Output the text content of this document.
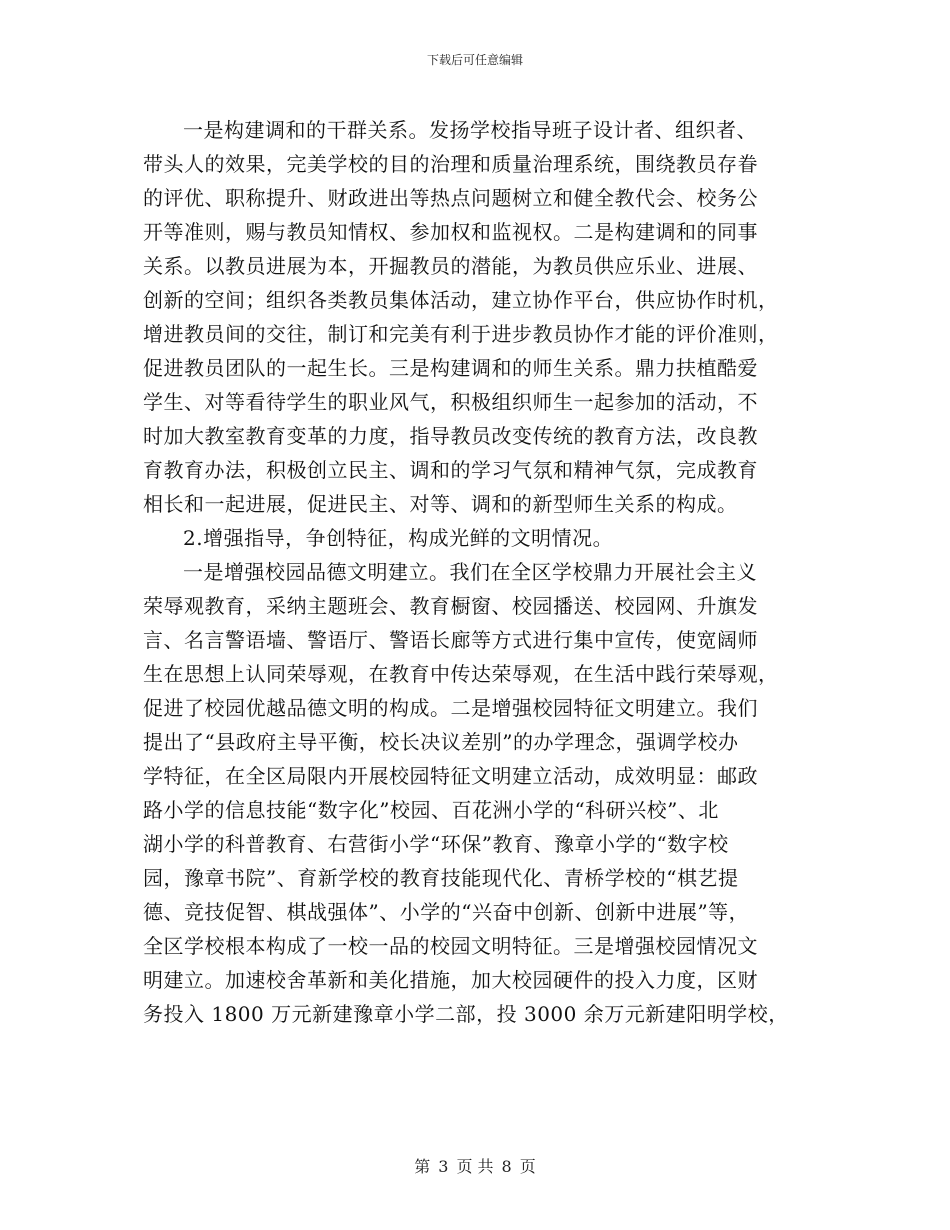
下载后可任意编辑
一是构建调和的干群关系。发扬学校指导班子设计者、组织者、
带头人的效果，完美学校的目的治理和质量治理系统，围绕教员存眷
的评优、职称提升、财政进出等热点问题树立和健全教代会、校务公
开等准则，赐与教员知情权、参加权和监视权。二是构建调和的同事
关系。以教员进展为本，开掘教员的潜能，为教员供应乐业、进展、
创新的空间；组织各类教员集体活动，建立协作平台，供应协作时机，
增进教员间的交往，制订和完美有利于进步教员协作才能的评价准则，
促进教员团队的一起生长。三是构建调和的师生关系。鼎力扶植酷爱
学生、对等看待学生的职业风气，积极组织师生一起参加的活动，不
时加大教室教育变革的力度，指导教员改变传统的教育方法，改良教
育教育办法，积极创立民主、调和的学习气氛和精神气氛，完成教育
相长和一起进展，促进民主、对等、调和的新型师生关系的构成。
2.增强指导，争创特征，构成光鲜的文明情况。
一是增强校园品德文明建立。我们在全区学校鼎力开展社会主义
荣辱观教育，采纳主题班会、教育橱窗、校园播送、校园网、升旗发
言、名言警语墙、警语厅、警语长廊等方式进行集中宣传，使宽阔师
生在思想上认同荣辱观，在教育中传达荣辱观，在生活中践行荣辱观，
促进了校园优越品德文明的构成。二是增强校园特征文明建立。我们
提出了“县政府主导平衡，校长决议差别”的办学理念，强调学校办
学特征，在全区局限内开展校园特征文明建立活动，成效明显：邮政
路小学的信息技能“数字化”校园、百花洲小学的“科研兴校”、北
湖小学的科普教育、右营街小学“环保”教育、豫章小学的“数字校
园，豫章书院”、育新学校的教育技能现代化、青桥学校的“棋艺提
德、竞技促智、棋战强体”、小学的“兴奋中创新、创新中进展”等，
全区学校根本构成了一校一品的校园文明特征。三是增强校园情况文
明建立。加速校舍革新和美化措施，加大校园硬件的投入力度，区财
务投入 1800 万元新建豫章小学二部，投 3000 余万元新建阳明学校，
第 3 页 共 8 页
